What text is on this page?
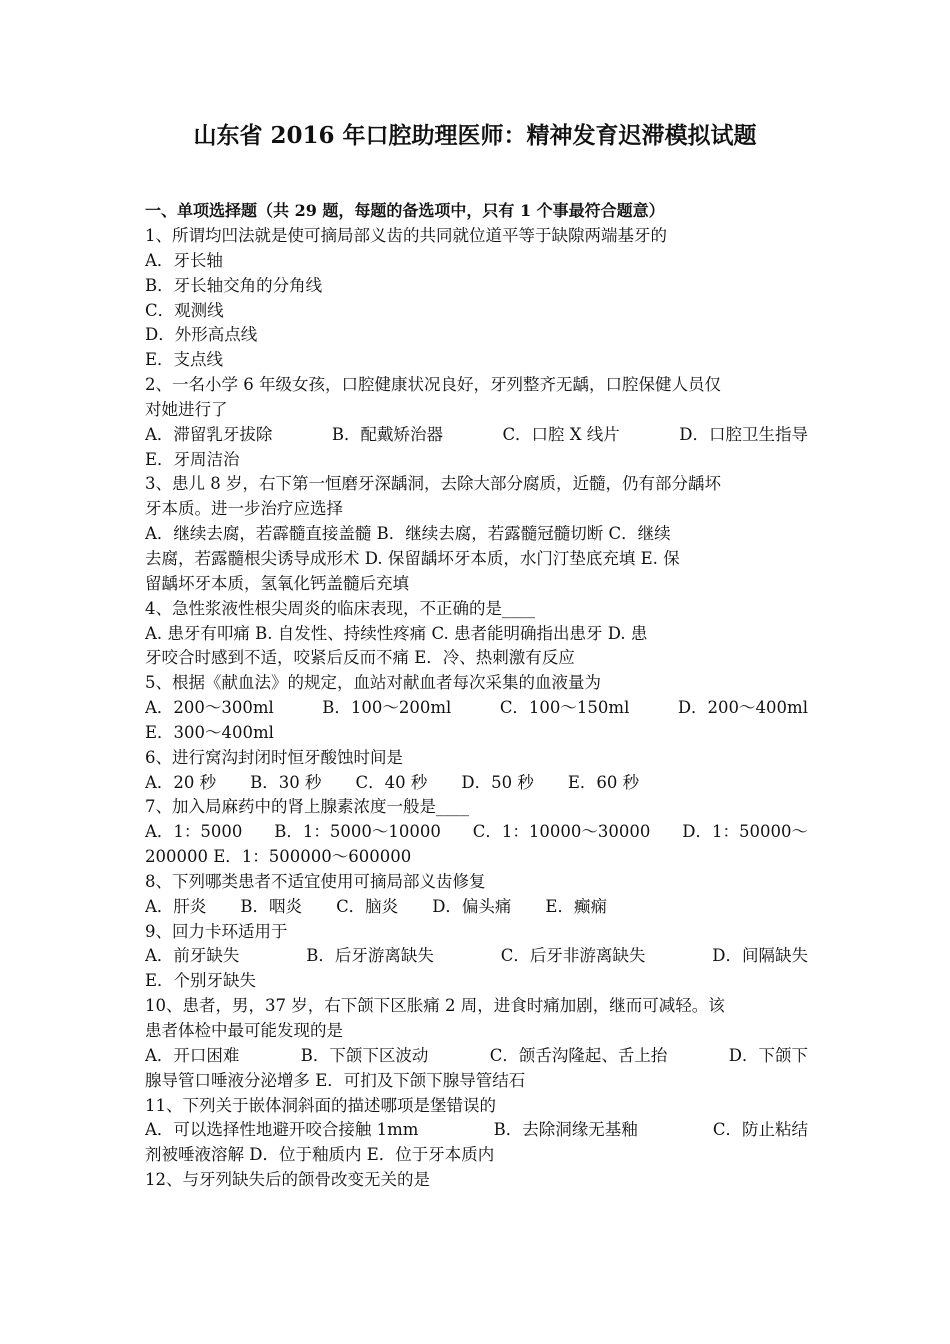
山东省 2016 年口腔助理医师：精神发育迟滞模拟试题
一、单项选择题（共 29 题，每题的备选项中，只有 1 个事最符合题意）
1、所谓均凹法就是使可摘局部义齿的共同就位道平等于缺隙两端基牙的
A．牙长轴
B．牙长轴交角的分角线
C．观测线
D．外形高点线
E．支点线
2、一名小学 6 年级女孩，口腔健康状况良好，牙列整齐无龋，口腔保健人员仅
对她进行了
A．滞留乳牙拔除	B．配戴矫治器	C．口腔 X 线片	D．口腔卫生指导
E．牙周洁治
3、患儿 8 岁，右下第一恒磨牙深龋洞，去除大部分腐质，近髓，仍有部分龋坏
牙本质。进一步治疗应选择
A．继续去腐，若霹髓直接盖髓 B．继续去腐，若露髓冠髓切断 C．继续
去腐，若露髓根尖诱导成形术 D. 保留龋坏牙本质，水门汀垫底充填 E. 保
留龋坏牙本质，氢氧化钙盖髓后充填
4、急性浆液性根尖周炎的临床表现，不正确的是____
A. 患牙有叩痛 B. 自发性、持续性疼痛 C. 患者能明确指出患牙 D. 患
牙咬合时感到不适，咬紧后反而不痛 E．冷、热刺激有反应
5、根据《献血法》的规定，血站对献血者每次采集的血液量为
A．200～300ml	B．100～200ml	C．100～150ml	D．200～400ml
E．300～400ml
6、进行窝沟封闭时恒牙酸蚀时间是
A．20 秒 B．30 秒 C．40 秒 D．50 秒 E．60 秒
7、加入局麻药中的肾上腺素浓度一般是____
A．1：5000 B．1：5000～10000 C．1：10000～30000 D．1：50000～
200000 E．1：500000～600000
8、下列哪类患者不适宜使用可摘局部义齿修复
A．肝炎 B．咽炎 C．脑炎 D．偏头痛 E．癫痫
9、回力卡环适用于
A．前牙缺失	B．后牙游离缺失	C．后牙非游离缺失	D．间隔缺失
E．个别牙缺失
10、患者，男，37 岁，右下颌下区胀痛 2 周，进食时痛加剧，继而可减轻。该
患者体检中最可能发现的是
A．开口困难	B．下颌下区波动	C．颌舌沟隆起、舌上抬	D．下颌下
腺导管口唾液分泌增多 E．可扪及下颌下腺导管结石
11、下列关于嵌体洞斜面的描述哪项是堡错误的
A．可以选择性地避开咬合接触 1mm	B．去除洞缘无基釉	C．防止粘结
剂被唾液溶解 D．位于釉质内 E．位于牙本质内
12、与牙列缺失后的颌骨改变无关的是
